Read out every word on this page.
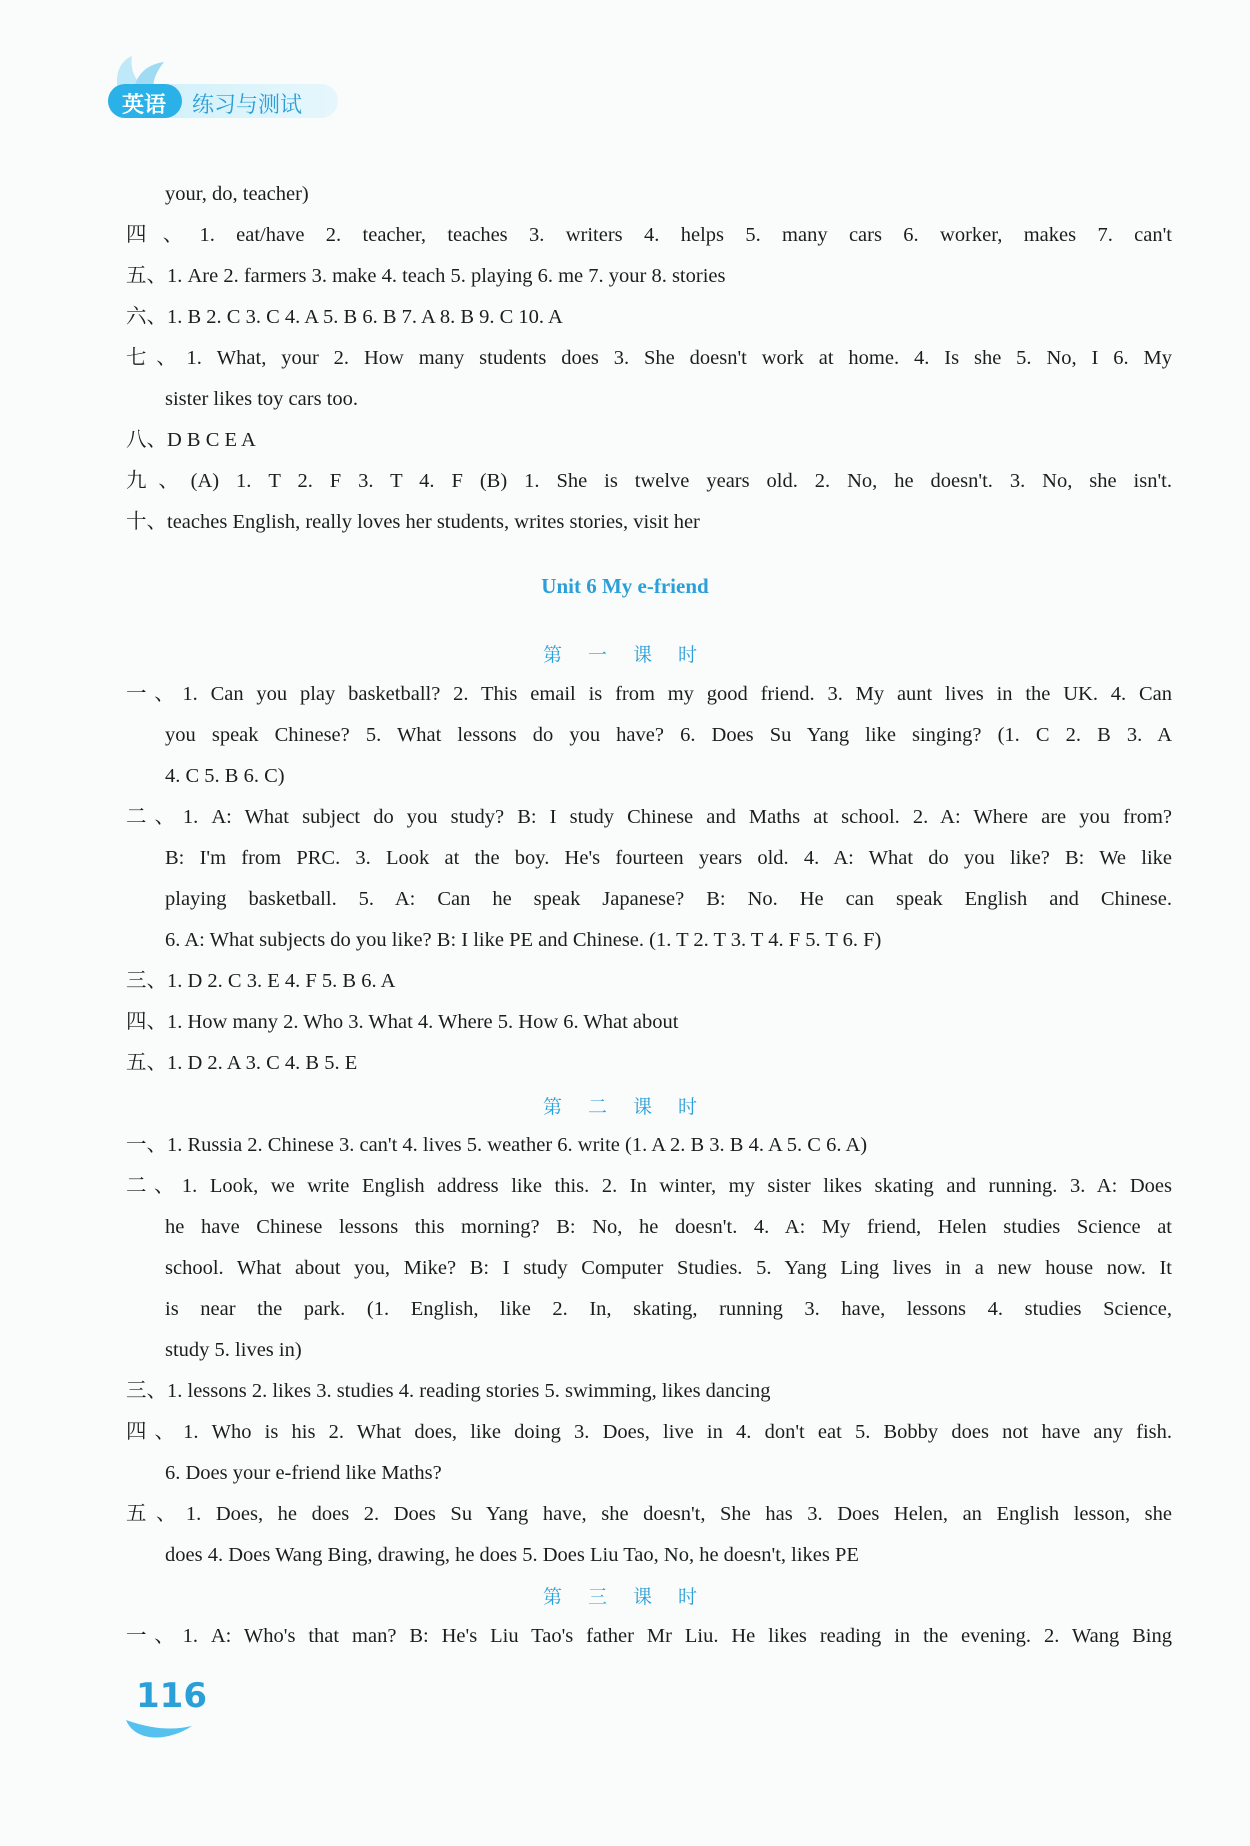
英语 练习与测试
your, do, teacher)
四、1. eat/have 2. teacher, teaches 3. writers 4. helps 5. many cars 6. worker, makes 7. can't
五、1. Are 2. farmers 3. make 4. teach 5. playing 6. me 7. your 8. stories
六、1. B 2. C 3. C 4. A 5. B 6. B 7. A 8. B 9. C 10. A
七、1. What, your 2. How many students does 3. She doesn't work at home. 4. Is she 5. No, I 6. My
sister likes toy cars too.
八、D B C E A
九、(A) 1. T 2. F 3. T 4. F (B) 1. She is twelve years old. 2. No, he doesn't. 3. No, she isn't.
十、teaches English, really loves her students, writes stories, visit her
Unit 6 My e-friend
第 一 课 时
一、1. Can you play basketball? 2. This email is from my good friend. 3. My aunt lives in the UK. 4. Can
you speak Chinese? 5. What lessons do you have? 6. Does Su Yang like singing? (1. C 2. B 3. A
4. C 5. B 6. C)
二、1. A: What subject do you study? B: I study Chinese and Maths at school. 2. A: Where are you from?
B: I'm from PRC. 3. Look at the boy. He's fourteen years old. 4. A: What do you like? B: We like
playing basketball. 5. A: Can he speak Japanese? B: No. He can speak English and Chinese.
6. A: What subjects do you like? B: I like PE and Chinese. (1. T 2. T 3. T 4. F 5. T 6. F)
三、1. D 2. C 3. E 4. F 5. B 6. A
四、1. How many 2. Who 3. What 4. Where 5. How 6. What about
五、1. D 2. A 3. C 4. B 5. E
第 二 课 时
一、1. Russia 2. Chinese 3. can't 4. lives 5. weather 6. write (1. A 2. B 3. B 4. A 5. C 6. A)
二、1. Look, we write English address like this. 2. In winter, my sister likes skating and running. 3. A: Does
he have Chinese lessons this morning? B: No, he doesn't. 4. A: My friend, Helen studies Science at
school. What about you, Mike? B: I study Computer Studies. 5. Yang Ling lives in a new house now. It
is near the park. (1. English, like 2. In, skating, running 3. have, lessons 4. studies Science,
study 5. lives in)
三、1. lessons 2. likes 3. studies 4. reading stories 5. swimming, likes dancing
四、1. Who is his 2. What does, like doing 3. Does, live in 4. don't eat 5. Bobby does not have any fish.
6. Does your e-friend like Maths?
五、1. Does, he does 2. Does Su Yang have, she doesn't, She has 3. Does Helen, an English lesson, she
does 4. Does Wang Bing, drawing, he does 5. Does Liu Tao, No, he doesn't, likes PE
第 三 课 时
一、1. A: Who's that man? B: He's Liu Tao's father Mr Liu. He likes reading in the evening. 2. Wang Bing
116
